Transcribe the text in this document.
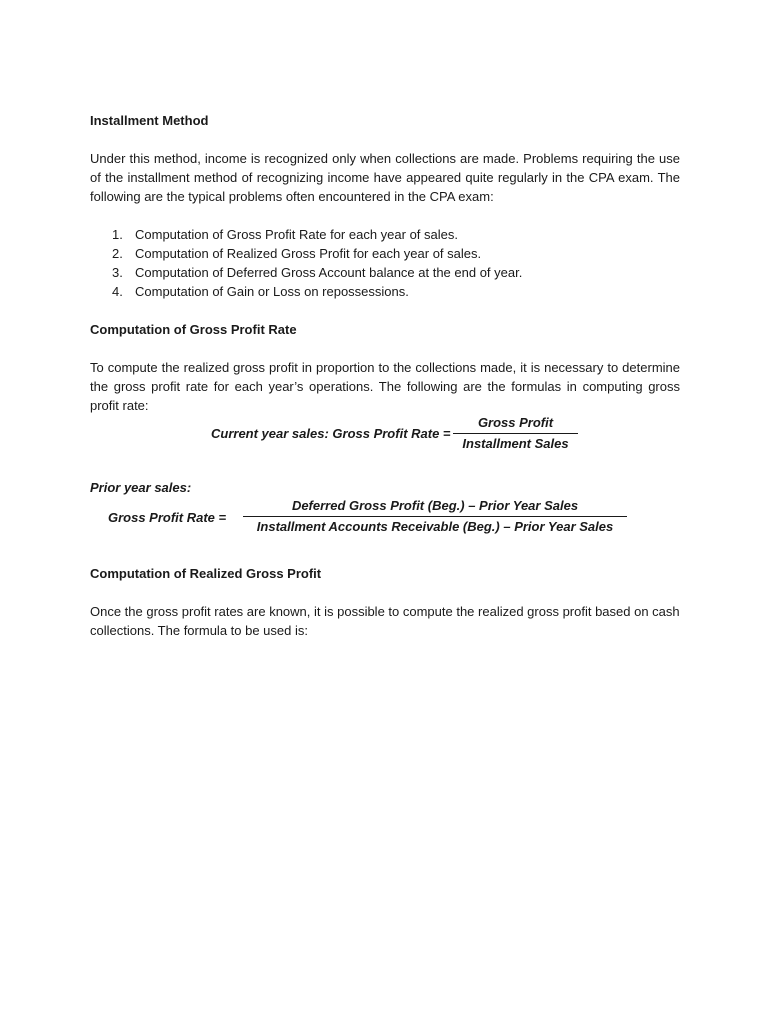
Installment Method
Under this method, income is recognized only when collections are made. Problems requiring the use of the installment method of recognizing income have appeared quite regularly in the CPA exam. The following are the typical problems often encountered in the CPA exam:
1. Computation of Gross Profit Rate for each year of sales.
2. Computation of Realized Gross Profit for each year of sales.
3. Computation of Deferred Gross Account balance at the end of year.
4. Computation of Gain or Loss on repossessions.
Computation of Gross Profit Rate
To compute the realized gross profit in proportion to the collections made, it is necessary to determine the gross profit rate for each year’s operations. The following are the formulas in computing gross profit rate:
Current year sales: Gross Profit Rate =
Gross Profit
Installment Sales
Prior year sales:
Gross Profit Rate =
Deferred Gross Profit (Beg.) – Prior Year Sales
Installment Accounts Receivable (Beg.) – Prior Year Sales
Computation of Realized Gross Profit
Once the gross profit rates are known, it is possible to compute the realized gross profit based on cash collections. The formula to be used is:
